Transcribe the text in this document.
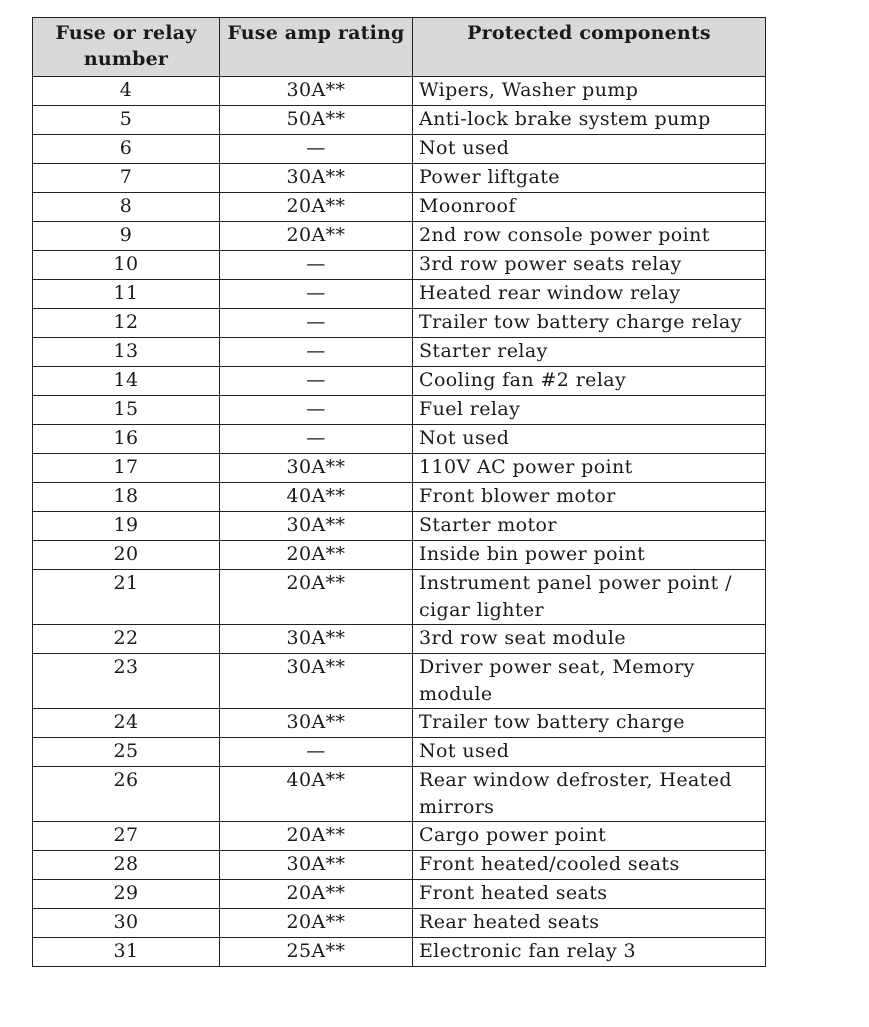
Fuse or relay number	Fuse amp rating	Protected components
4	30A**	Wipers, Washer pump
5	50A**	Anti-lock brake system pump
6	—	Not used
7	30A**	Power liftgate
8	20A**	Moonroof
9	20A**	2nd row console power point
10	—	3rd row power seats relay
11	—	Heated rear window relay
12	—	Trailer tow battery charge relay
13	—	Starter relay
14	—	Cooling fan #2 relay
15	—	Fuel relay
16	—	Not used
17	30A**	110V AC power point
18	40A**	Front blower motor
19	30A**	Starter motor
20	20A**	Inside bin power point
21	20A**	Instrument panel power point / cigar lighter
22	30A**	3rd row seat module
23	30A**	Driver power seat, Memory module
24	30A**	Trailer tow battery charge
25	—	Not used
26	40A**	Rear window defroster, Heated mirrors
27	20A**	Cargo power point
28	30A**	Front heated/cooled seats
29	20A**	Front heated seats
30	20A**	Rear heated seats
31	25A**	Electronic fan relay 3
